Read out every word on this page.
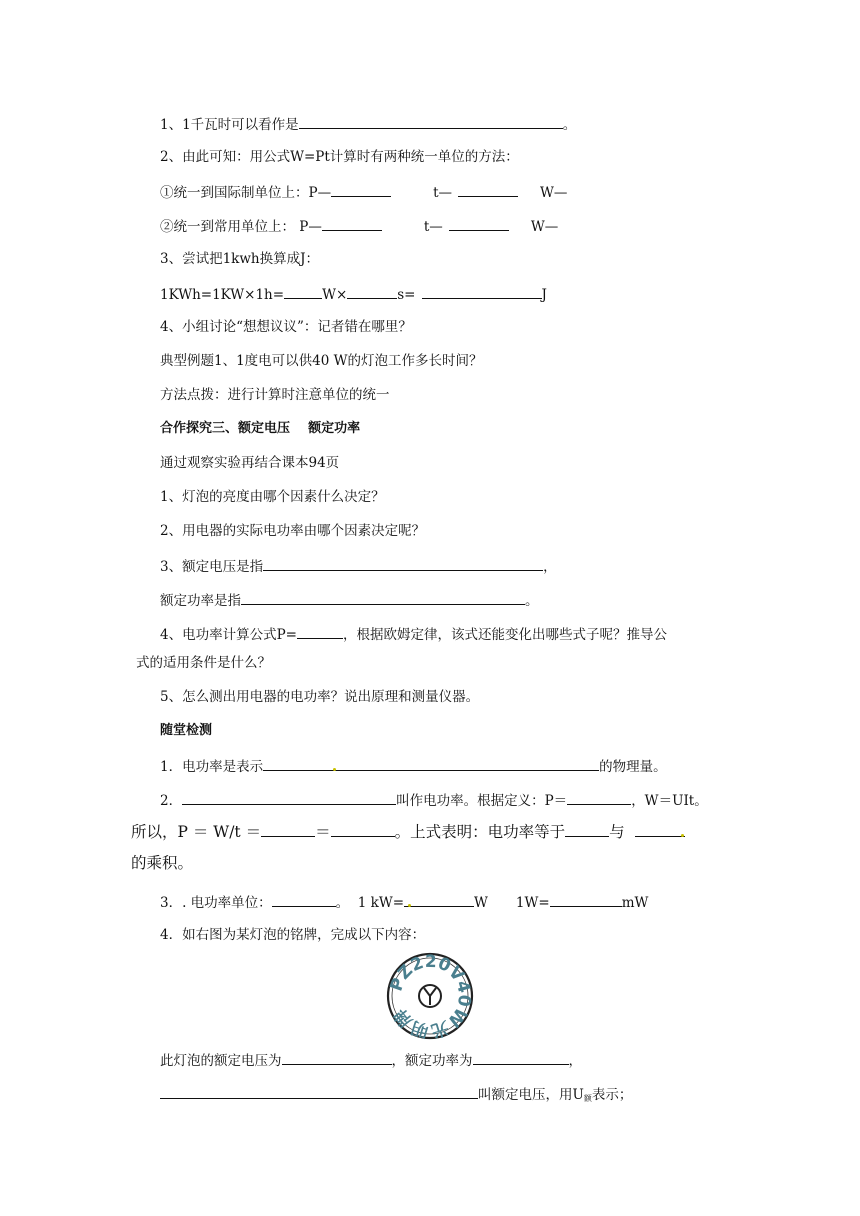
1、1千瓦时可以看作是	。
2、由此可知：用公式W=Pt计算时有两种统一单位的方法：
①统一到国际制单位上：P—	t—	W—
②统一到常用单位上： P—	t—	W—
3、尝试把1kwh换算成J：
1KWh=1KW×1h=	W×	s=	J
4、小组讨论“想想议议”：记者错在哪里？
典型例题1、1度电可以供40 W的灯泡工作多长时间？
方法点拨：进行计算时注意单位的统一
合作探究三、额定电压    额定功率
通过观察实验再结合课本94页
1、灯泡的亮度由哪个因素什么决定？
2、用电器的实际电功率由哪个因素决定呢？
3、额定电压是指	，
额定功率是指	。
4、电功率计算公式P=	，根据欧姆定律，该式还能变化出哪些式子呢？推导公
式的适用条件是什么？
5、怎么测出用电器的电功率？说出原理和测量仪器。
随堂检测
1．电功率是表示	的物理量。
2．	叫作电功率。根据定义：P＝	，W＝UIt。
所以，P ＝ W/t ＝	＝	。上式表明：电功率等于	与
的乘积。
3．. 电功率单位：	。  1 kW=	W 1W=	mW
4．如右图为某灯泡的铭牌，完成以下内容：
PZ220V40W光明牌
此灯泡的额定电压为	，额定功率为	，
叫额定电压，用$U_额$表示；
